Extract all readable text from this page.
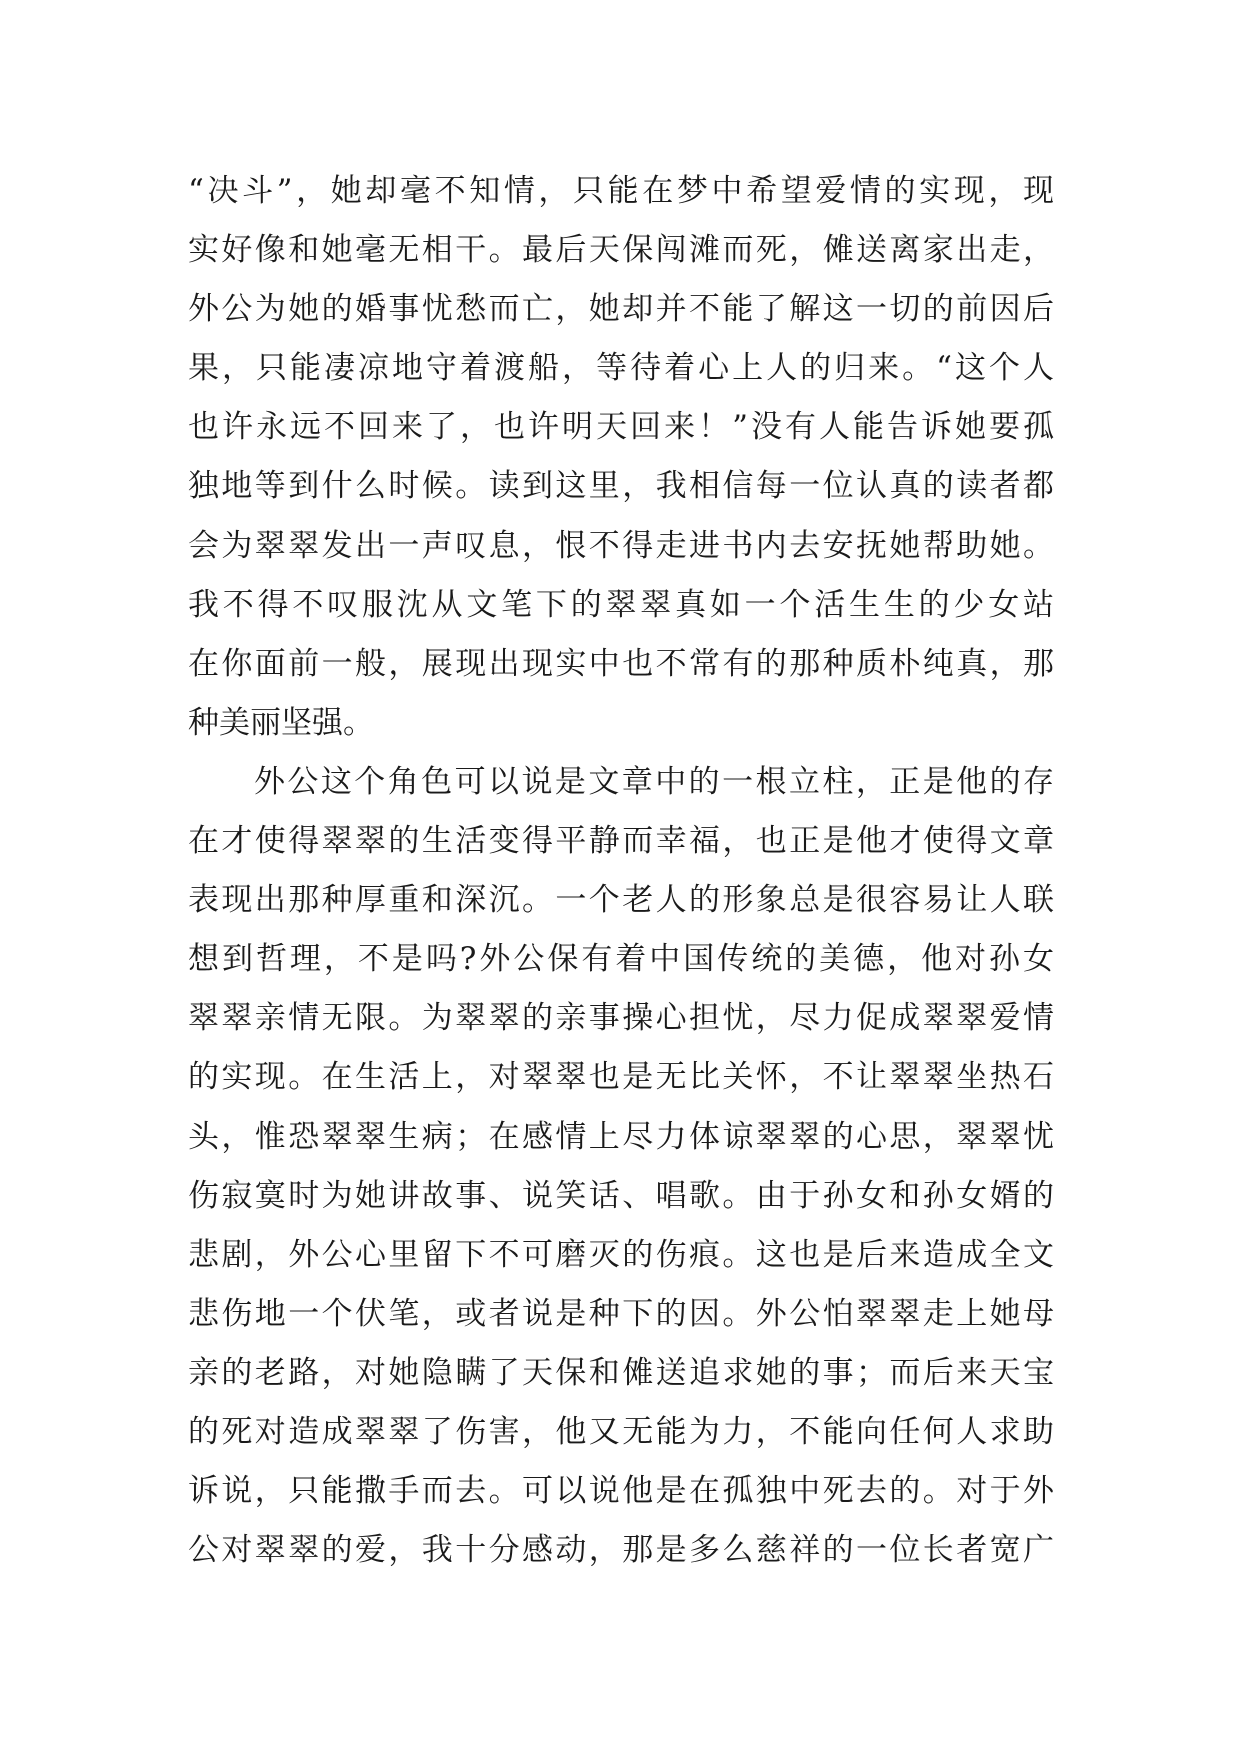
“决斗”，她却毫不知情，只能在梦中希望爱情的实现，现
实好像和她毫无相干。最后天保闯滩而死，傩送离家出走，
外公为她的婚事忧愁而亡，她却并不能了解这一切的前因后
果，只能凄凉地守着渡船，等待着心上人的归来。“这个人
也许永远不回来了，也许明天回来！”没有人能告诉她要孤
独地等到什么时候。读到这里，我相信每一位认真的读者都
会为翠翠发出一声叹息，恨不得走进书内去安抚她帮助她。
我不得不叹服沈从文笔下的翠翠真如一个活生生的少女站
在你面前一般，展现出现实中也不常有的那种质朴纯真，那
种美丽坚强。
外公这个角色可以说是文章中的一根立柱，正是他的存
在才使得翠翠的生活变得平静而幸福，也正是他才使得文章
表现出那种厚重和深沉。一个老人的形象总是很容易让人联
想到哲理，不是吗?外公保有着中国传统的美德，他对孙女
翠翠亲情无限。为翠翠的亲事操心担忧，尽力促成翠翠爱情
的实现。在生活上，对翠翠也是无比关怀，不让翠翠坐热石
头，惟恐翠翠生病；在感情上尽力体谅翠翠的心思，翠翠忧
伤寂寞时为她讲故事、说笑话、唱歌。由于孙女和孙女婿的
悲剧，外公心里留下不可磨灭的伤痕。这也是后来造成全文
悲伤地一个伏笔，或者说是种下的因。外公怕翠翠走上她母
亲的老路，对她隐瞒了天保和傩送追求她的事；而后来天宝
的死对造成翠翠了伤害，他又无能为力，不能向任何人求助
诉说，只能撒手而去。可以说他是在孤独中死去的。对于外
公对翠翠的爱，我十分感动，那是多么慈祥的一位长者宽广
